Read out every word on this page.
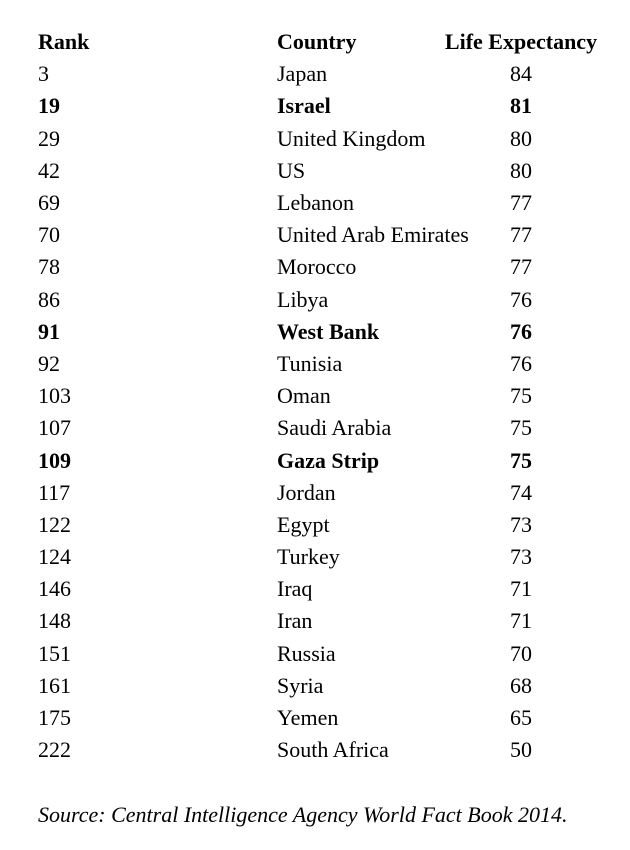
Rank	Country	Life Expectancy
3	Japan	84
19	Israel	81
29	United Kingdom	80
42	US	80
69	Lebanon	77
70	United Arab Emirates	77
78	Morocco	77
86	Libya	76
91	West Bank	76
92	Tunisia	76
103	Oman	75
107	Saudi Arabia	75
109	Gaza Strip	75
117	Jordan	74
122	Egypt	73
124	Turkey	73
146	Iraq	71
148	Iran	71
151	Russia	70
161	Syria	68
175	Yemen	65
222	South Africa	50
Source: Central Intelligence Agency World Fact Book 2014.
